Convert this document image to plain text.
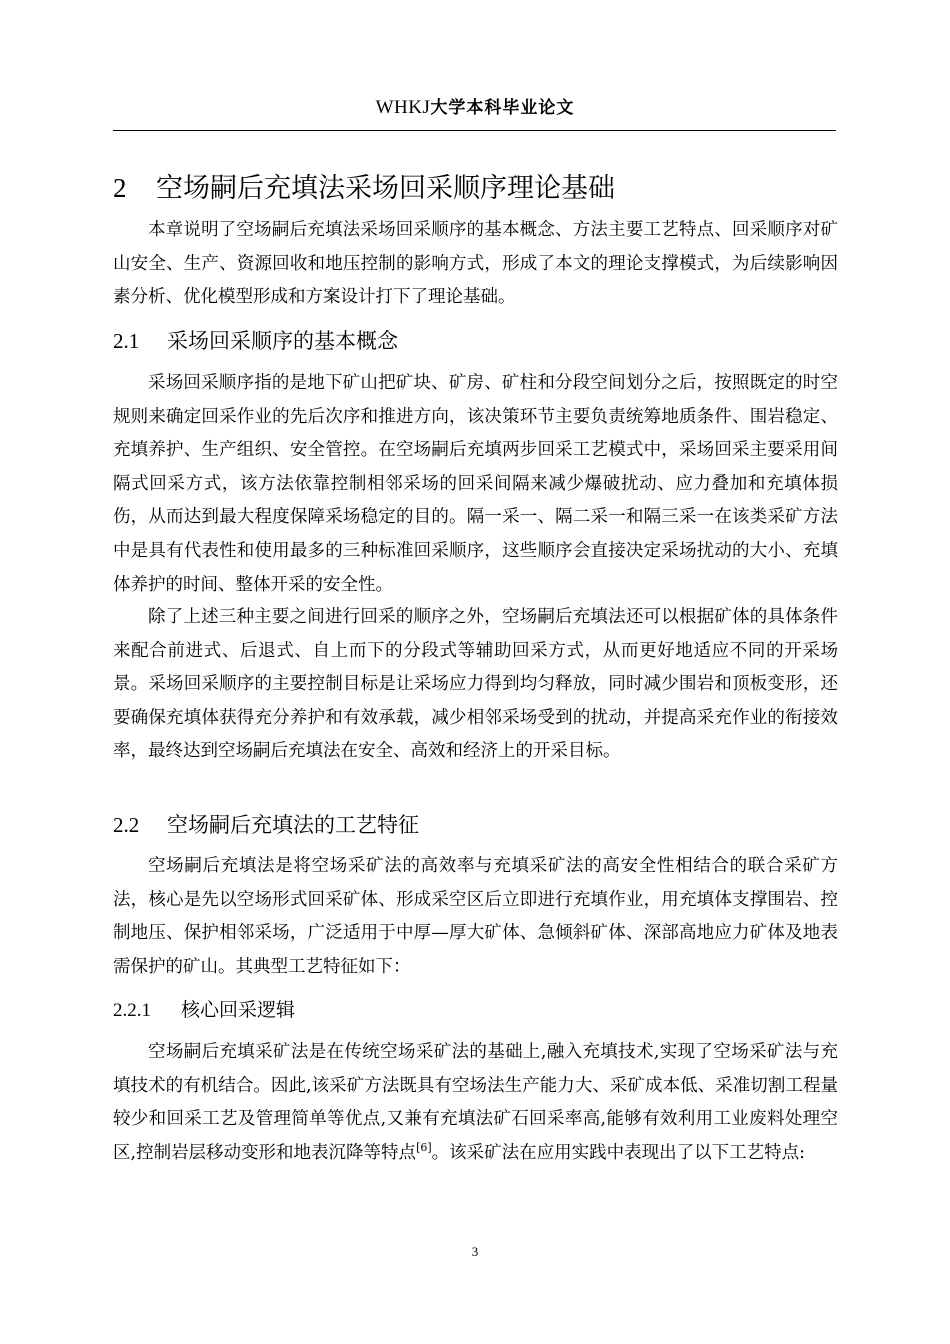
WHKJ大学本科毕业论文
2 空场嗣后充填法采场回采顺序理论基础
本章说明了空场嗣后充填法采场回采顺序的基本概念、方法主要工艺特点、回采顺序对矿山安全、生产、资源回收和地压控制的影响方式，形成了本文的理论支撑模式，为后续影响因素分析、优化模型形成和方案设计打下了理论基础。
2.1 采场回采顺序的基本概念
采场回采顺序指的是地下矿山把矿块、矿房、矿柱和分段空间划分之后，按照既定的时空规则来确定回采作业的先后次序和推进方向，该决策环节主要负责统筹地质条件、围岩稳定、充填养护、生产组织、安全管控。在空场嗣后充填两步回采工艺模式中，采场回采主要采用间隔式回采方式，该方法依靠控制相邻采场的回采间隔来减少爆破扰动、应力叠加和充填体损伤，从而达到最大程度保障采场稳定的目的。隔一采一、隔二采一和隔三采一在该类采矿方法中是具有代表性和使用最多的三种标准回采顺序，这些顺序会直接决定采场扰动的大小、充填体养护的时间、整体开采的安全性。
除了上述三种主要之间进行回采的顺序之外，空场嗣后充填法还可以根据矿体的具体条件来配合前进式、后退式、自上而下的分段式等辅助回采方式，从而更好地适应不同的开采场景。采场回采顺序的主要控制目标是让采场应力得到均匀释放，同时减少围岩和顶板变形，还要确保充填体获得充分养护和有效承载，减少相邻采场受到的扰动，并提高采充作业的衔接效率，最终达到空场嗣后充填法在安全、高效和经济上的开采目标。
2.2 空场嗣后充填法的工艺特征
空场嗣后充填法是将空场采矿法的高效率与充填采矿法的高安全性相结合的联合采矿方法，核心是先以空场形式回采矿体、形成采空区后立即进行充填作业，用充填体支撑围岩、控制地压、保护相邻采场，广泛适用于中厚—厚大矿体、急倾斜矿体、深部高地应力矿体及地表需保护的矿山。其典型工艺特征如下：
2.2.1 核心回采逻辑
空场嗣后充填采矿法是在传统空场采矿法的基础上,融入充填技术,实现了空场采矿法与充填技术的有机结合。因此,该采矿方法既具有空场法生产能力大、采矿成本低、采准切割工程量较少和回采工艺及管理简单等优点,又兼有充填法矿石回采率高,能够有效利用工业废料处理空区,控制岩层移动变形和地表沉降等特点[6]。该采矿法在应用实践中表现出了以下工艺特点:
3
